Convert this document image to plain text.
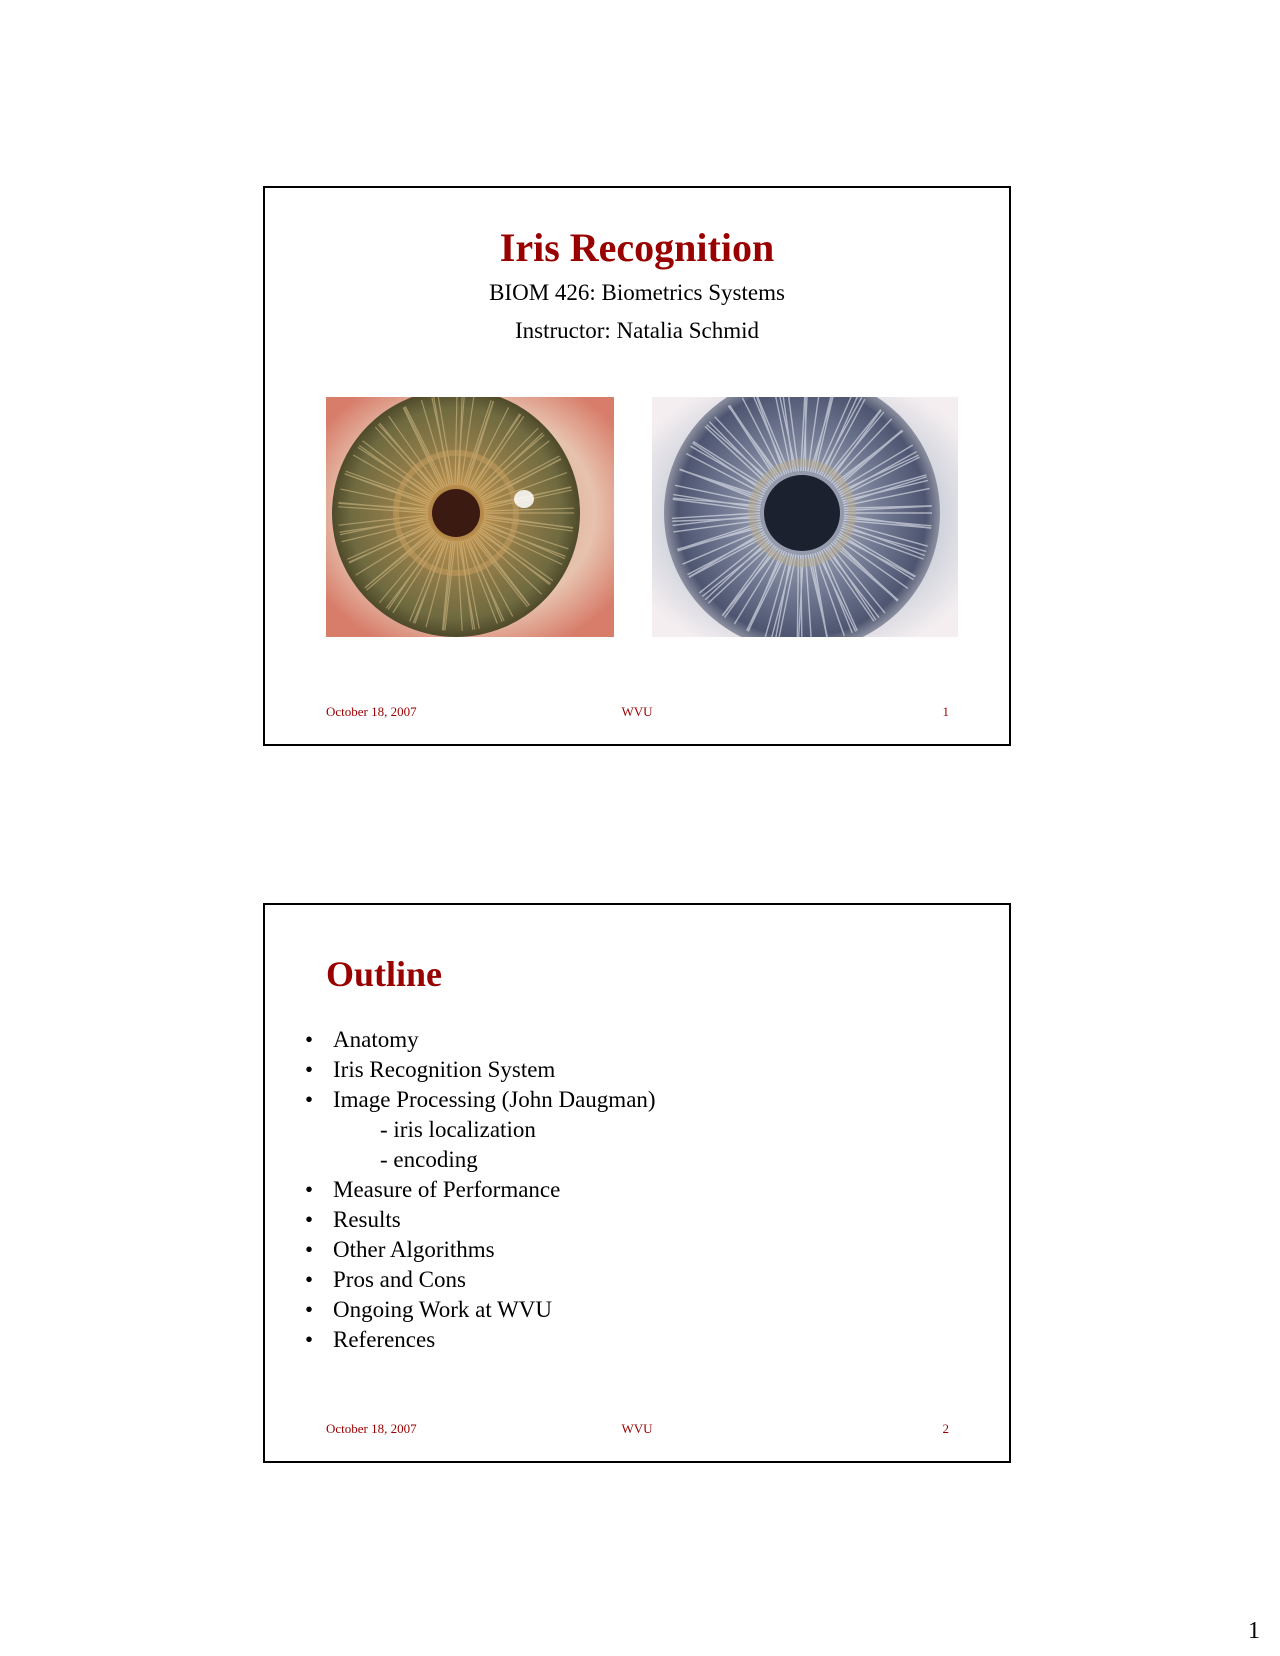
Iris Recognition

BIOM 426: Biometrics Systems

Instructor: Natalia Schmid

October 18, 2007	WVU	1

Outline
• Anatomy
• Iris Recognition System
• Image Processing (John Daugman)
- iris localization
- encoding
• Measure of Performance
• Results
• Other Algorithms
• Pros and Cons
• Ongoing Work at WVU
• References

October 18, 2007	WVU	2

1
